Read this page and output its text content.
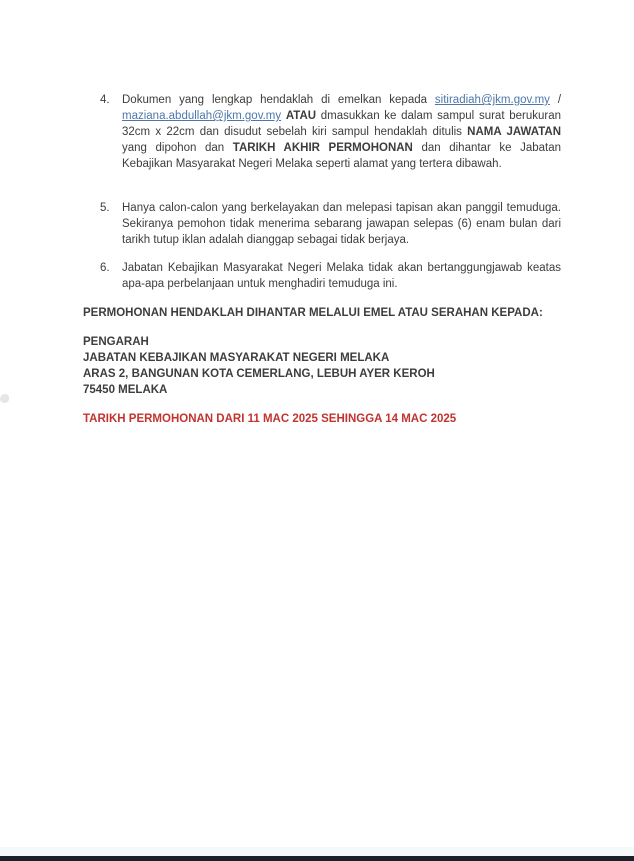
4. Dokumen yang lengkap hendaklah di emelkan kepada sitiradiah@jkm.gov.my / maziana.abdullah@jkm.gov.my ATAU dmasukkan ke dalam sampul surat berukuran 32cm x 22cm dan disudut sebelah kiri sampul hendaklah ditulis NAMA JAWATAN yang dipohon dan TARIKH AKHIR PERMOHONAN dan dihantar ke Jabatan Kebajikan Masyarakat Negeri Melaka seperti alamat yang tertera dibawah.
5. Hanya calon-calon yang berkelayakan dan melepasi tapisan akan panggil temuduga. Sekiranya pemohon tidak menerima sebarang jawapan selepas (6) enam bulan dari tarikh tutup iklan adalah dianggap sebagai tidak berjaya.
6. Jabatan Kebajikan Masyarakat Negeri Melaka tidak akan bertanggungjawab keatas apa-apa perbelanjaan untuk menghadiri temuduga ini.
PERMOHONAN HENDAKLAH DIHANTAR MELALUI EMEL ATAU SERAHAN KEPADA:
PENGARAH
JABATAN KEBAJIKAN MASYARAKAT NEGERI MELAKA
ARAS 2, BANGUNAN KOTA CEMERLANG, LEBUH AYER KEROH
75450 MELAKA
TARIKH PERMOHONAN DARI 11 MAC 2025 SEHINGGA 14 MAC 2025
